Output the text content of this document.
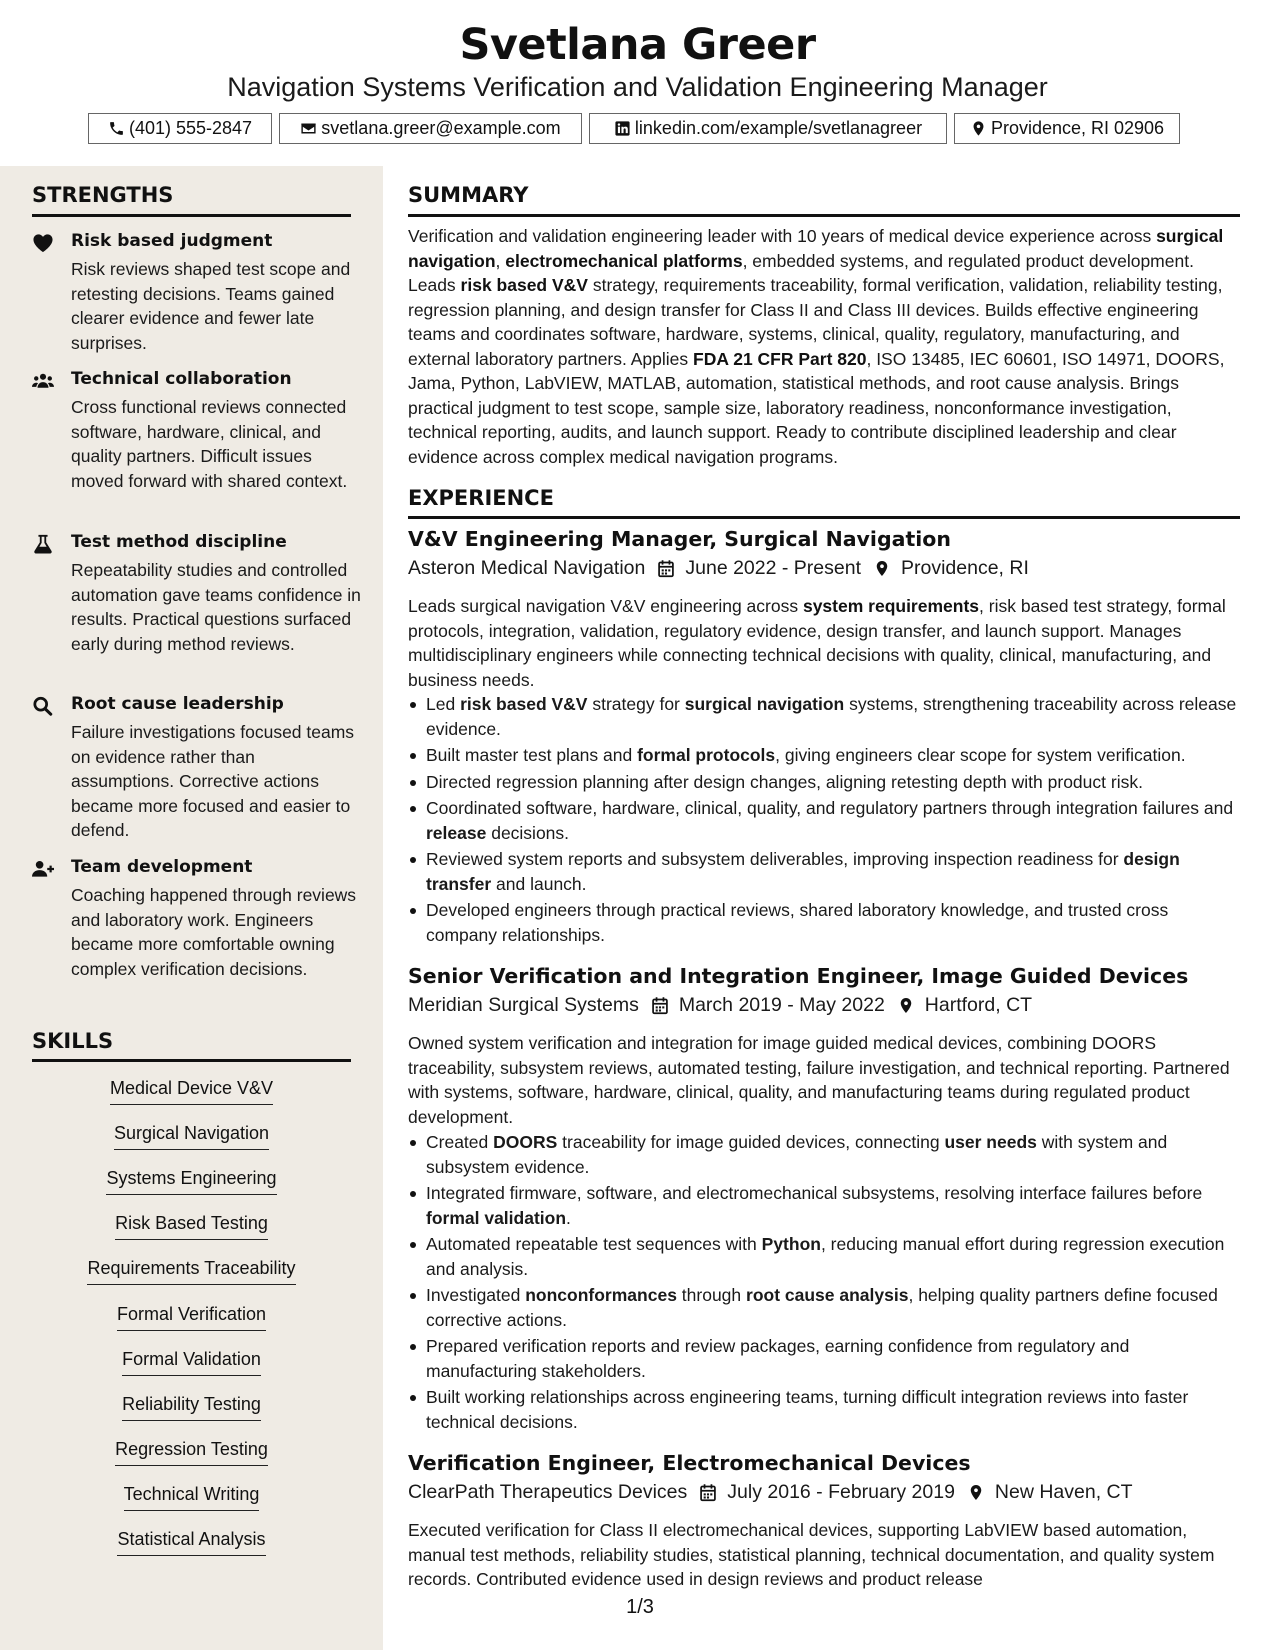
Svetlana Greer
Navigation Systems Verification and Validation Engineering Manager
(401) 555-2847	svetlana.greer@example.com	linkedin.com/example/svetlanagreer	Providence, RI 02906
STRENGTHS
Risk based judgment
Risk reviews shaped test scope and retesting decisions. Teams gained clearer evidence and fewer late surprises.
Technical collaboration
Cross functional reviews connected software, hardware, clinical, and quality partners. Difficult issues moved forward with shared context.
Test method discipline
Repeatability studies and controlled automation gave teams confidence in results. Practical questions surfaced early during method reviews.
Root cause leadership
Failure investigations focused teams on evidence rather than assumptions. Corrective actions became more focused and easier to defend.
Team development
Coaching happened through reviews and laboratory work. Engineers became more comfortable owning complex verification decisions.
SKILLS
Medical Device V&V
Surgical Navigation
Systems Engineering
Risk Based Testing
Requirements Traceability
Formal Verification
Formal Validation
Reliability Testing
Regression Testing
Technical Writing
Statistical Analysis
SUMMARY
Verification and validation engineering leader with 10 years of medical device experience across surgical navigation, electromechanical platforms, embedded systems, and regulated product development. Leads risk based V&V strategy, requirements traceability, formal verification, validation, reliability testing, regression planning, and design transfer for Class II and Class III devices. Builds effective engineering teams and coordinates software, hardware, systems, clinical, quality, regulatory, manufacturing, and external laboratory partners. Applies FDA 21 CFR Part 820, ISO 13485, IEC 60601, ISO 14971, DOORS, Jama, Python, LabVIEW, MATLAB, automation, statistical methods, and root cause analysis. Brings practical judgment to test scope, sample size, laboratory readiness, nonconformance investigation, technical reporting, audits, and launch support. Ready to contribute disciplined leadership and clear evidence across complex medical navigation programs.
EXPERIENCE
V&V Engineering Manager, Surgical Navigation
Asteron Medical Navigation June 2022 - Present Providence, RI
Leads surgical navigation V&V engineering across system requirements, risk based test strategy, formal protocols, integration, validation, regulatory evidence, design transfer, and launch support. Manages multidisciplinary engineers while connecting technical decisions with quality, clinical, manufacturing, and business needs.
Led risk based V&V strategy for surgical navigation systems, strengthening traceability across release evidence.
Built master test plans and formal protocols, giving engineers clear scope for system verification.
Directed regression planning after design changes, aligning retesting depth with product risk.
Coordinated software, hardware, clinical, quality, and regulatory partners through integration failures and release decisions.
Reviewed system reports and subsystem deliverables, improving inspection readiness for design transfer and launch.
Developed engineers through practical reviews, shared laboratory knowledge, and trusted cross company relationships.
Senior Verification and Integration Engineer, Image Guided Devices
Meridian Surgical Systems March 2019 - May 2022 Hartford, CT
Owned system verification and integration for image guided medical devices, combining DOORS traceability, subsystem reviews, automated testing, failure investigation, and technical reporting. Partnered with systems, software, hardware, clinical, quality, and manufacturing teams during regulated product development.
Created DOORS traceability for image guided devices, connecting user needs with system and subsystem evidence.
Integrated firmware, software, and electromechanical subsystems, resolving interface failures before formal validation.
Automated repeatable test sequences with Python, reducing manual effort during regression execution and analysis.
Investigated nonconformances through root cause analysis, helping quality partners define focused corrective actions.
Prepared verification reports and review packages, earning confidence from regulatory and manufacturing stakeholders.
Built working relationships across engineering teams, turning difficult integration reviews into faster technical decisions.
Verification Engineer, Electromechanical Devices
ClearPath Therapeutics Devices July 2016 - February 2019 New Haven, CT
Executed verification for Class II electromechanical devices, supporting LabVIEW based automation, manual test methods, reliability studies, statistical planning, technical documentation, and quality system records. Contributed evidence used in design reviews and product release
1/3
